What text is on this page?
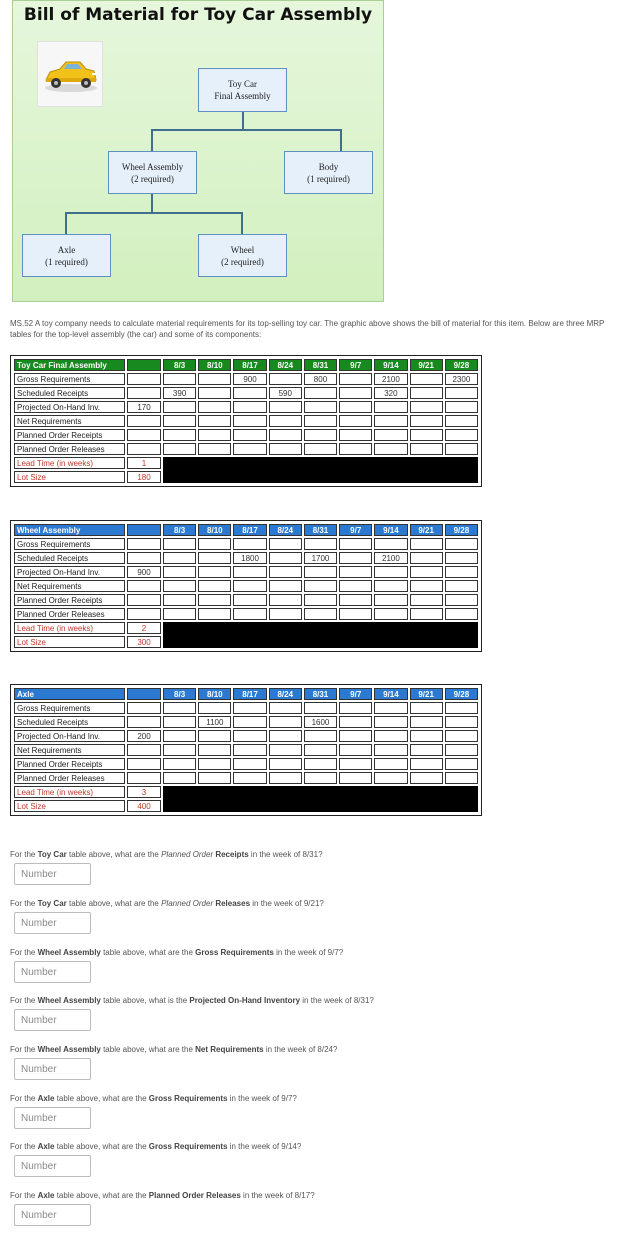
Bill of Material for Toy Car Assembly
Toy Car
Final Assembly
Wheel Assembly
(2 required)
Body
(1 required)
Axle
(1 required)
Wheel
(2 required)

MS.52 A toy company needs to calculate material requirements for its top-selling toy car. The graphic above shows the bill of material for this item. Below are three MRP tables for the top-level assembly (the car) and some of its components:

Toy Car Final Assembly		8/3	8/10	8/17	8/24	8/31	9/7	9/14	9/21	9/28
Gross Requirements				900		800		2100		2300
Scheduled Receipts		390			590			320		
Projected On-Hand Inv.	170									
Net Requirements										
Planned Order Receipts										
Planned Order Releases										
Lead Time (in weeks)	1									
Lot Size	180									
Wheel Assembly		8/3	8/10	8/17	8/24	8/31	9/7	9/14	9/21	9/28
Gross Requirements										
Scheduled Receipts				1800		1700		2100		
Projected On-Hand Inv.	900									
Net Requirements										
Planned Order Receipts										
Planned Order Releases										
Lead Time (in weeks)	2									
Lot Size	300									
Axle		8/3	8/10	8/17	8/24	8/31	9/7	9/14	9/21	9/28
Gross Requirements										
Scheduled Receipts			1100			1600				
Projected On-Hand Inv.	200									
Net Requirements										
Planned Order Receipts										
Planned Order Releases										
Lead Time (in weeks)	3									
Lot Size	400									

For the Toy Car table above, what are the Planned Order Receipts in the week of 8/31?

Number

For the Toy Car table above, what are the Planned Order Releases in the week of 9/21?

Number

For the Wheel Assembly table above, what are the Gross Requirements in the week of 9/7?

Number

For the Wheel Assembly table above, what is the Projected On-Hand Inventory in the week of 8/31?

Number

For the Wheel Assembly table above, what are the Net Requirements in the week of 8/24?

Number

For the Axle table above, what are the Gross Requirements in the week of 9/7?

Number

For the Axle table above, what are the Gross Requirements in the week of 9/14?

Number

For the Axle table above, what are the Planned Order Releases in the week of 8/17?

Number
